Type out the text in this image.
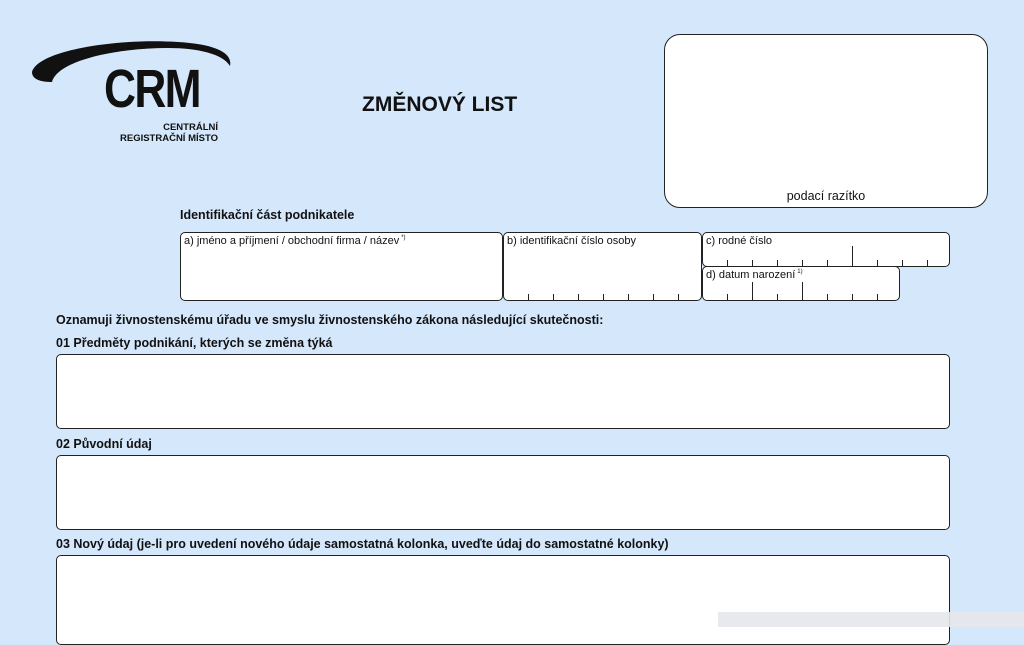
CRM
CENTRÁLNÍ
REGISTRAČNÍ MÍSTO
ZMĚNOVÝ LIST
podací razítko
Identifikační část podnikatele
a) jméno a příjmení / obchodní firma / název *)	b) identifikační číslo osoby	c) rodné číslo
d) datum narození $^{1)}$
Oznamuji živnostenskému úřadu ve smyslu živnostenského zákona následující skutečnosti:
01 Předměty podnikání, kterých se změna týká
02 Původní údaj
03 Nový údaj (je-li pro uvedení nového údaje samostatná kolonka, uveďte údaj do samostatné kolonky)
